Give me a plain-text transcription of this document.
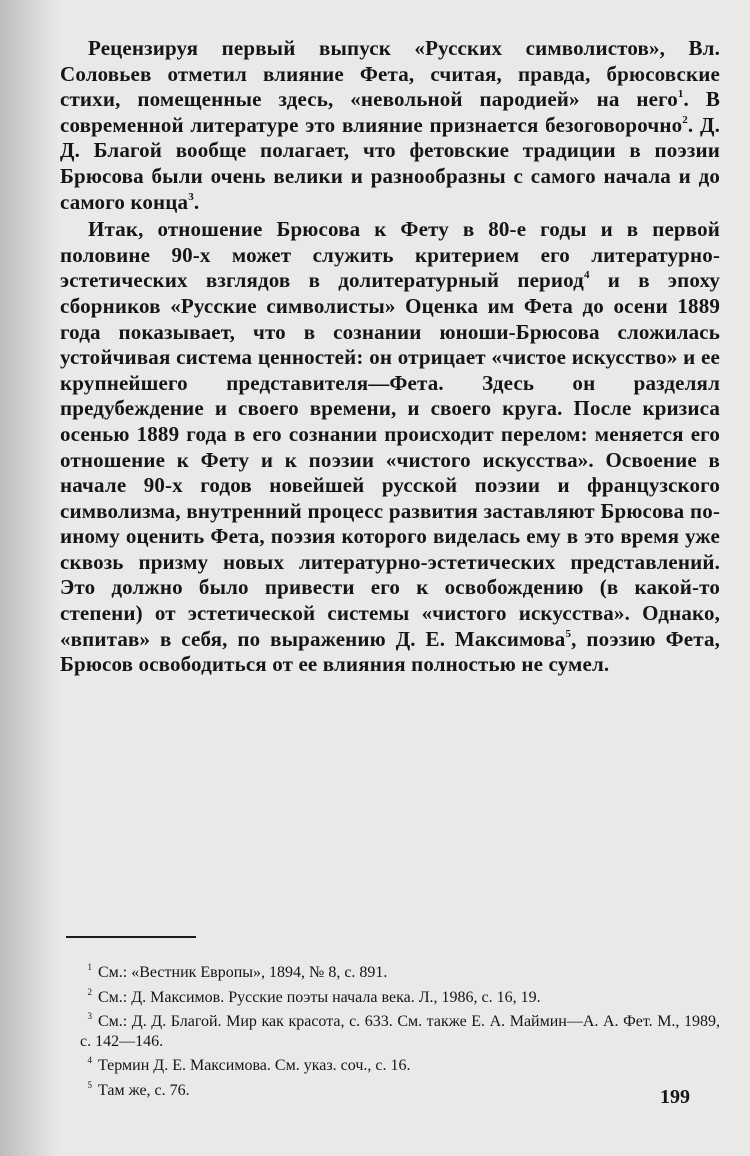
Рецензируя первый выпуск «Русских символистов», Вл. Соловьев отметил влияние Фета, считая, правда, брюсовские стихи, помещенные здесь, «невольной пародией» на него$^1$. В современной литературе это влияние признается безоговорочно$^2$. Д. Д. Благой вообще полагает, что фетовские традиции в поэзии Брюсова были очень велики и разнообразны с самого начала и до самого конца$^3$.

Итак, отношение Брюсова к Фету в 80-е годы и в первой половине 90-х может служить критерием его литературно-эстетических взглядов в долитературный период$^4$ и в эпоху сборников «Русские символисты» Оценка им Фета до осени 1889 года показывает, что в сознании юноши-Брюсова сложилась устойчивая система ценностей: он отрицает «чистое искусство» и ее крупнейшего представителя—Фета. Здесь он разделял предубеждение и своего времени, и своего круга. После кризиса осенью 1889 года в его сознании происходит перелом: меняется его отношение к Фету и к поэзии «чистого искусства». Освоение в начале 90-х годов новейшей русской поэзии и французского символизма, внутренний процесс развития заставляют Брюсова по-иному оценить Фета, поэзия которого виделась ему в это время уже сквозь призму новых литературно-эстетических представлений. Это должно было привести его к освобождению (в какой-то степени) от эстетической системы «чистого искусства». Однако, «впитав» в себя, по выражению Д. Е. Максимова$^5$, поэзию Фета, Брюсов освободиться от ее влияния полностью не сумел.

1 См.: «Вестник Европы», 1894, № 8, с. 891.
2 См.: Д. Максимов. Русские поэты начала века. Л., 1986, с. 16, 19.
3 См.: Д. Д. Благой. Мир как красота, с. 633. См. также Е. А. Маймин—А. А. Фет. М., 1989, с. 142—146.
4 Термин Д. Е. Максимова. См. указ. соч., с. 16.
5 Там же, с. 76.	199
